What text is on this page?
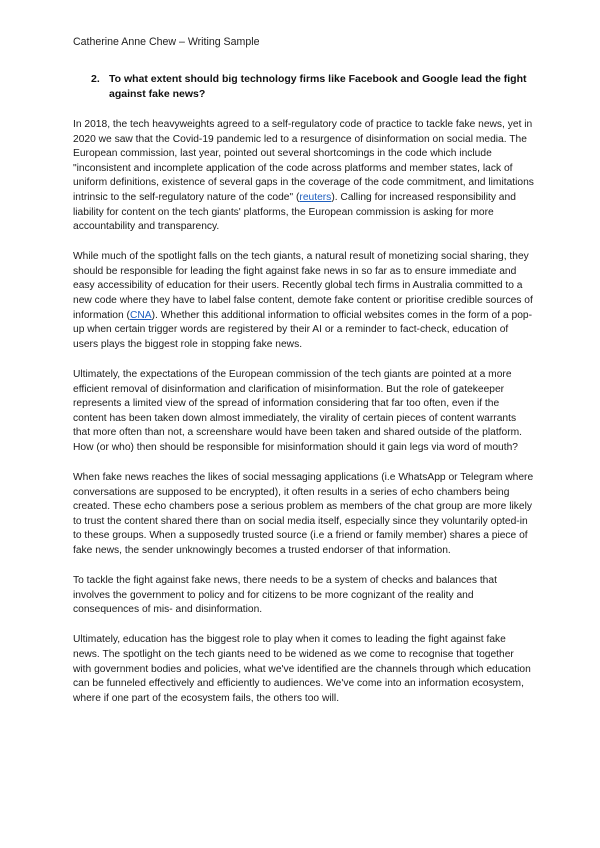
Catherine Anne Chew – Writing Sample
2. To what extent should big technology firms like Facebook and Google lead the fight against fake news?

In 2018, the tech heavyweights agreed to a self-regulatory code of practice to tackle fake news, yet in 2020 we saw that the Covid-19 pandemic led to a resurgence of disinformation on social media. The European commission, last year, pointed out several shortcomings in the code which include "inconsistent and incomplete application of the code across platforms and member states, lack of uniform definitions, existence of several gaps in the coverage of the code commitment, and limitations intrinsic to the self-regulatory nature of the code" (reuters). Calling for increased responsibility and liability for content on the tech giants' platforms, the European commission is asking for more accountability and transparency.

While much of the spotlight falls on the tech giants, a natural result of monetizing social sharing, they should be responsible for leading the fight against fake news in so far as to ensure immediate and easy accessibility of education for their users. Recently global tech firms in Australia committed to a new code where they have to label false content, demote fake content or prioritise credible sources of information (CNA). Whether this additional information to official websites comes in the form of a pop-up when certain trigger words are registered by their AI or a reminder to fact-check, education of users plays the biggest role in stopping fake news.

Ultimately, the expectations of the European commission of the tech giants are pointed at a more efficient removal of disinformation and clarification of misinformation. But the role of gatekeeper represents a limited view of the spread of information considering that far too often, even if the content has been taken down almost immediately, the virality of certain pieces of content warrants that more often than not, a screenshare would have been taken and shared outside of the platform. How (or who) then should be responsible for misinformation should it gain legs via word of mouth?

When fake news reaches the likes of social messaging applications (i.e WhatsApp or Telegram where conversations are supposed to be encrypted), it often results in a series of echo chambers being created. These echo chambers pose a serious problem as members of the chat group are more likely to trust the content shared there than on social media itself, especially since they voluntarily opted-in to these groups. When a supposedly trusted source (i.e a friend or family member) shares a piece of fake news, the sender unknowingly becomes a trusted endorser of that information.

To tackle the fight against fake news, there needs to be a system of checks and balances that involves the government to policy and for citizens to be more cognizant of the reality and consequences of mis- and disinformation.

Ultimately, education has the biggest role to play when it comes to leading the fight against fake news. The spotlight on the tech giants need to be widened as we come to recognise that together with government bodies and policies, what we've identified are the channels through which education can be funneled effectively and efficiently to audiences. We've come into an information ecosystem, where if one part of the ecosystem fails, the others too will.
